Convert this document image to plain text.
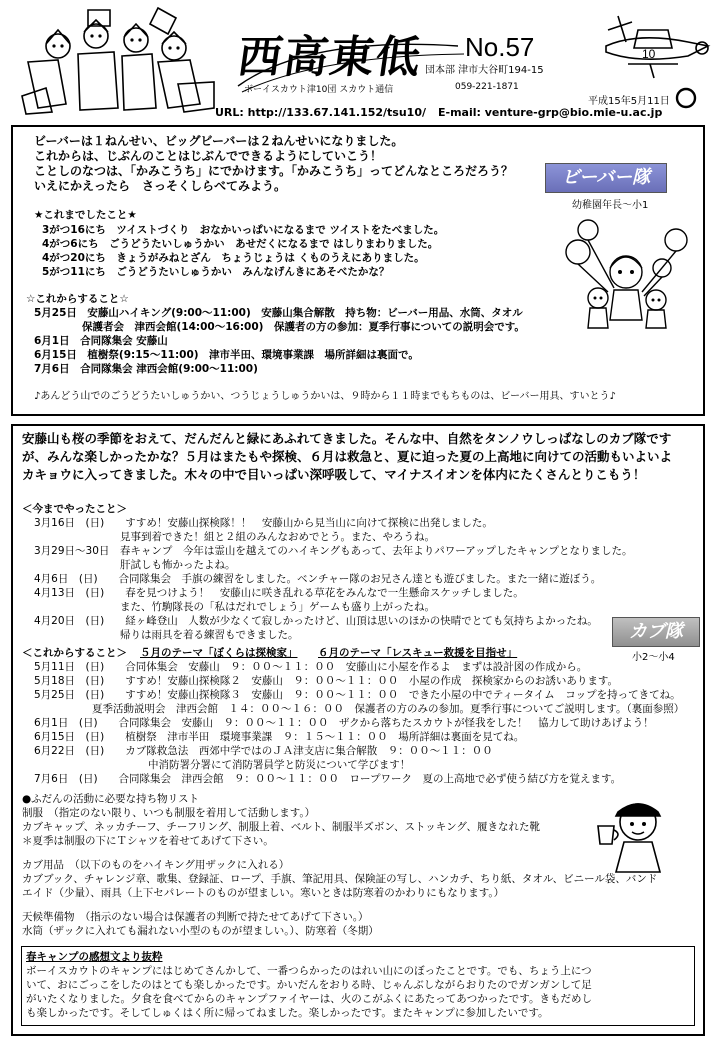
西高東低 No.57
団本部 津市大谷町194-15
ボーイスカウト津10団 スカウト通信	059-221-1871
平成15年5月11日
10
URL: http://133.67.141.152/tsu10/ E-mail: venture-grp@bio.mie-u.ac.jp
ビーバーは１ねんせい、ビッグビーバーは２ねんせいになりました。
これからは、じぶんのことはじぶんでできるようにしていこう！
ことしのなつは、「かみこうち」にでかけます。「かみこうち」ってどんなところだろう？
いえにかえったら　さっそくしらべてみよう。	ビーバー隊
幼稚園年長～小1
★これまでしたこと★
3がつ16にち　ツイストづくり　おなかいっぱいになるまで ツイストをたべました。
4がつ6にち　ごうどうたいしゅうかい　あせだくになるまで はしりまわりました。
4がつ20にち　きょうがみねとざん　ちょうじょうは くものうえにありました。
5がつ11にち　ごうどうたいしゅうかい　みんなげんきにあそべたかな？
☆これからすること☆
5月25日　安藤山ハイキング(9:00～11:00)　安藤山集合解散　持ち物：ビーバー用品、水筒、タオル
保護者会　津西会館(14:00～16:00)　保護者の方の参加：夏季行事についての説明会です。
6月1日　合同隊集会 安藤山
6月15日　植樹祭(9:15～11:00)　津市半田、環境事業課　場所詳細は裏面で。
7月6日　合同隊集会 津西会館(9:00～11:00)
♪あんどう山でのごうどうたいしゅうかい、つうじょうしゅうかいは、９時から１１時までもちものは、ビーバー用具、すいとう♪
安藤山も桜の季節をおえて、だんだんと緑にあふれてきました。そんな中、自然をタンノウしっぱなしのカブ隊ですが、みんな楽しかったかな？５月はまたもや探検、６月は救急と、夏に迫った夏の上高地に向けての活動もいよいよカキョウに入ってきました。木々の中で目いっぱい深呼吸して、マイナスイオンを体内にたくさんとりこもう！
＜今までやったこと＞
3月16日　(日)　　すすめ！安藤山探検隊！！　安藤山から見当山に向けて探検に出発しました。
見事到着できた！組と２組のみんなおめでとう。また、やろうね。
3月29日～30日　春キャンプ　今年は霊山を越えてのハイキングもあって、去年よりパワーアップしたキャンプとなりました。
肝試しも怖かったよね。
4月6日　(日)　　合同隊集会　手旗の練習をしました。ベンチャー隊のお兄さん達とも遊びました。また一緒に遊ぼう。
4月13日　(日)　　春を見つけよう！　安藤山に咲き乱れる草花をみんなで一生懸命スケッチしました。
また、竹駒隊長の「私はだれでしょう」ゲームも盛り上がったね。
4月20日　(日)　　経ヶ峰登山　人数が少なくて寂しかったけど、山頂は思いのほかの快晴でとても気持ちよかったね。
帰りは雨具を着る練習もできました。	カブ隊
小2～小4
＜これからすること＞ ５月のテーマ「ぼくらは探検家」 ６月のテーマ「レスキュー救援を目指せ」
5月11日　(日)　　合同体集会　安藤山　９：００～１１：００　安藤山に小屋を作るよ　まずは設計図の作成から。
5月18日　(日)　　すすめ！安藤山探検隊２　安藤山　９：００～１１：００　小屋の作成　探検家からのお誘いあります。
5月25日　(日)　　すすめ！安藤山探検隊３　安藤山　９：００～１１：００　できた小屋の中でティータイム　コップを持ってきてね。
夏季活動説明会　津西会館　１４：００～１６：００　保護者の方のみの参加。夏季行事についてご説明します。（裏面参照）
6月1日　(日)　　合同隊集会　安藤山　９：００～１１：００　ザクから落ちたスカウトが怪我をした！　協力して助けあげよう！
6月15日　(日)　　植樹祭　津市半田　環境事業課　９：１５～１１：００　場所詳細は裏面を見てね。
6月22日　(日)　　カブ隊救急法　西郊中学ではのＪＡ津支店に集合解散　９：００～１１：００
中消防署分署にて消防署員学と防災について学びます！
7月6日　(日)　　合同隊集会　津西会館　９：００～１１：００　ロープワーク　夏の上高地で必ず使う結び方を覚えます。
●ふだんの活動に必要な持ち物リスト
制服　（指定のない限り、いつも制服を着用して活動します。）
カブキャップ、ネッカチーフ、チーフリング、制服上着、ベルト、制服半ズボン、ストッキング、履きなれた靴
＊夏季は制服の下にＴシャツを着せてあげて下さい。
カブ用品　（以下のものをハイキング用ザックに入れる）
カブブック、チャレンジ章、歌集、登録証、ロープ、手旗、筆記用具、保険証の写し、ハンカチ、ちり紙、タオル、ビニール袋、バンド
エイド（少量）、雨具（上下セパレートのものが望ましい。寒いときは防寒着のかわりにもなります。）
天候準備物　（指示のない場合は保護者の判断で持たせてあげて下さい。）
水筒（ザックに入れても漏れない小型のものが望ましい。）、防寒着（冬期）
春キャンプの感想文より抜粋
ボーイスカウトのキャンプにはじめてさんかして、一番つらかったのはれい山にのぼったことです。でも、ちょう上につ
いて、おにごっこをしたのはとても楽しかったです。かいだんをおりる時、じゃんぶしながらおりたのでガンガンして足
がいたくなりました。夕食を食べてからのキャンプファイヤーは、火のこがふくにあたってあつかったです。きもだめし
も楽しかったです。そしてしゅくはく所に帰ってねました。楽しかったです。またキャンプに参加したいです。
